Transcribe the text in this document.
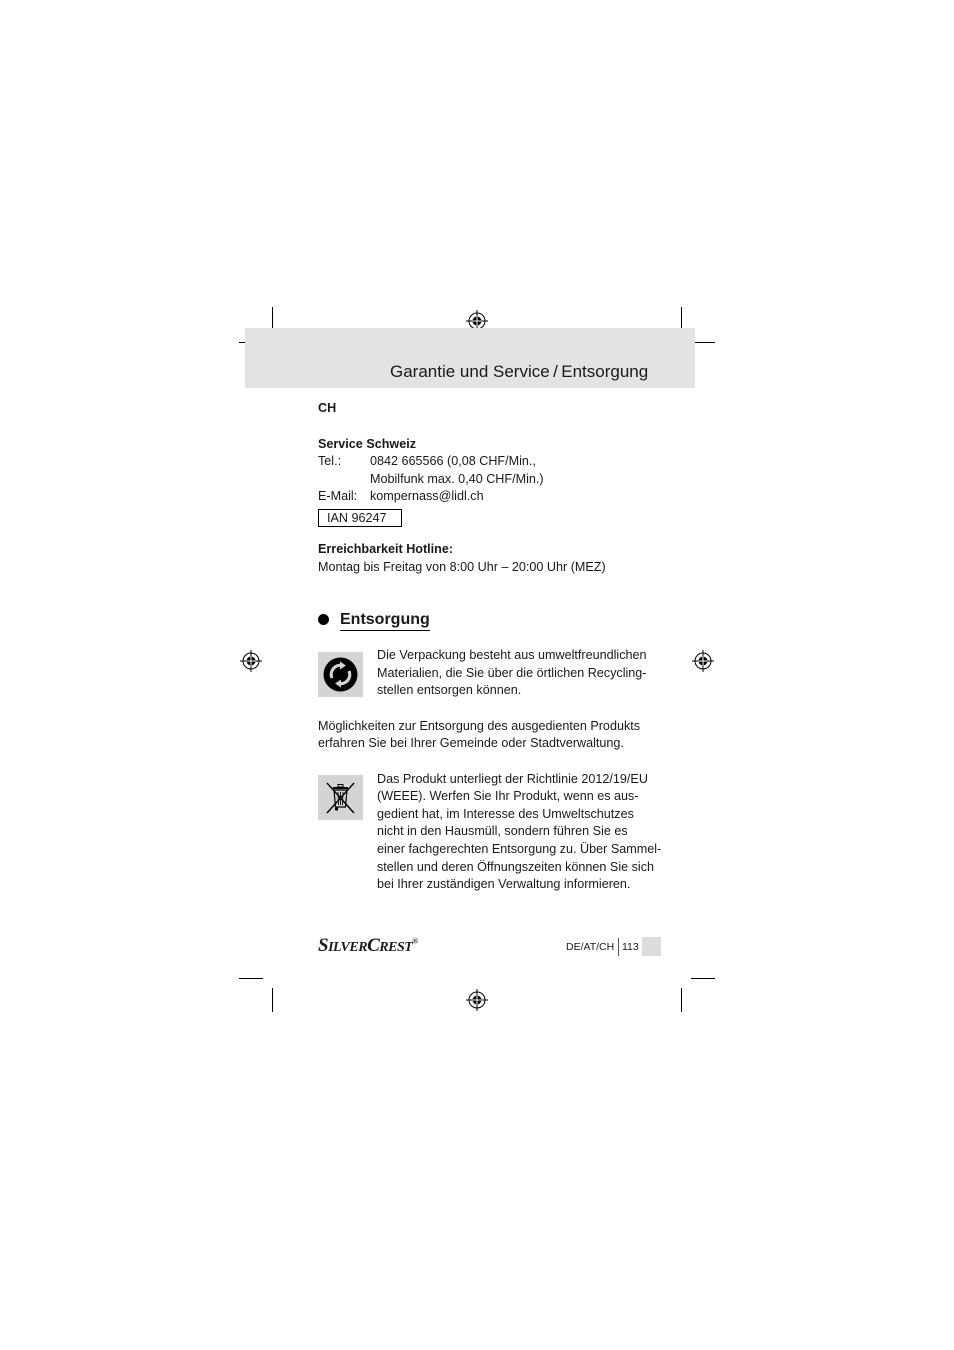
Garantie und Service / Entsorgung
CH
Service Schweiz
Tel.: 0842 665566 (0,08 CHF/Min.,
Mobilfunk max. 0,40 CHF/Min.)
E-Mail: kompernass@lidl.ch
IAN 96247
Erreichbarkeit Hotline:
Montag bis Freitag von 8:00 Uhr – 20:00 Uhr (MEZ)
Entsorgung
Die Verpackung besteht aus umweltfreundlichen
Materialien, die Sie über die örtlichen Recycling-
stellen entsorgen können.
Möglichkeiten zur Entsorgung des ausgedienten Produkts
erfahren Sie bei Ihrer Gemeinde oder Stadtverwaltung.
Das Produkt unterliegt der Richtlinie 2012/19/EU
(WEEE). Werfen Sie Ihr Produkt, wenn es aus-
gedient hat, im Interesse des Umweltschutzes
nicht in den Hausmüll, sondern führen Sie es
einer fachgerechten Entsorgung zu. Über Sammel-
stellen und deren Öffnungszeiten können Sie sich
bei Ihrer zuständigen Verwaltung informieren.
SILVERCREST®	DE/AT/CH 113
